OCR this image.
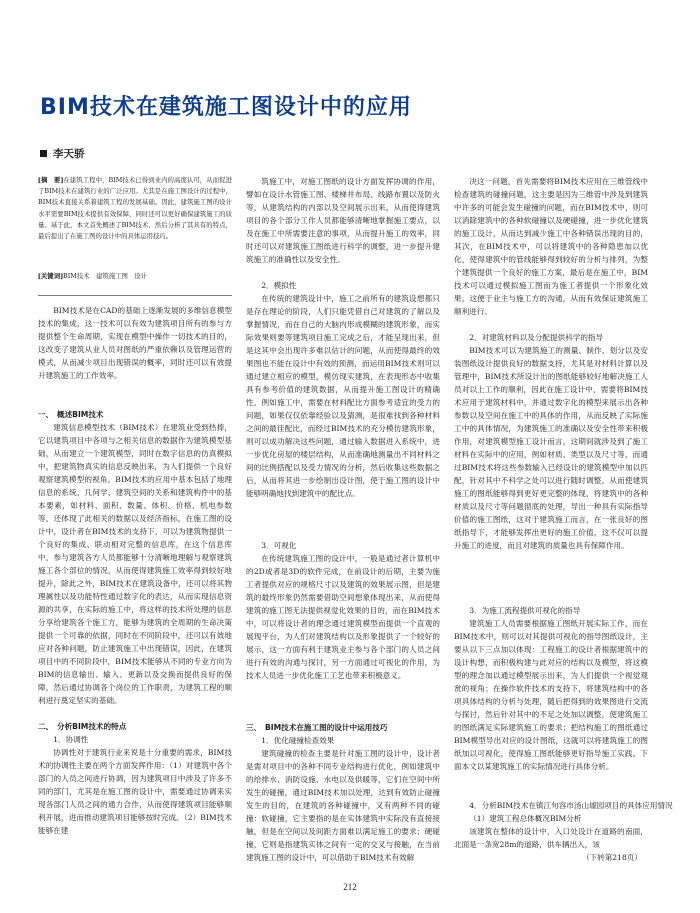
BIM技术在建筑施工图设计中的应用
李天骄
[摘　要]在建筑工程中，BIM技术已得到业内的高度认可，从而促进了BIM技术在建筑行业的广泛应用。尤其是在施工图设计的过程中，BIM技术直接关系着建筑工程的发展基础。因此，建筑施工图的设计水平需要BIM技术提供有效保障，同时还可以更好确保建筑施工的质量。基于此，本文首先概述了BIM技术，然后分析了其具有的特点，最后提出了在施工图的设计中的具体运用技巧。
[关键词]BIM技术　建筑施工图　设计

BIM技术是在CAD的基础上逐渐发展的多维信息模型技术的集成，这一技术可以有效为建筑项目所有的参与方提供整个生命周期，实现在模型中操作一切技术的目的，这改变了建筑从业人员对图纸的严重依赖以及管理运营的模式，从而减少项目出现错误的概率，同时还可以有效提升建筑施工的工作效率。

一、　概述BIM技术

建筑信息模型技术（BIM技术）在建筑业受到热捧，它以建筑项目中各项与之相关信息的数据作为建筑模型基础，从而建立一个建筑模型，同时在数字信息的仿真模拟中，把建筑物真实的信息反映出来，为人们提供一个良好观察建筑模型的视角。BIM技术的应用中基本包括了地理信息的系统、几何学、建筑空间的关系和建筑构件中的基本要素，如材料、面积、数量、体积、价格、机电参数等，还体现了此相关的数据以及经济指标，在施工图的设计中，设计者在BIM技术的支持下，可以为建筑物提供一个良好的集成、联动相对完整的信息库，在这个信息库中，参与建筑各方人员都能够十分清晰地理解与观察建筑施工各个部位的情况，从而使得建筑施工效率得到较好地提升，除此之外，BIM技术在建筑设备中，还可以将其物理属性以及功能特性通过数字化的表达，从而实现信息资源的共享，在实际的施工中，将这样的技术所处理的信息分享给建筑各个施工方，能够为建筑的全周期的生命决策提供一个可靠的依据，同时在不同阶段中，还可以有效地应对各种问题，防止建筑施工中出现错误，因此，在建筑项目中的不同阶段中，BIM技术能够从不同的专业方向为BIM的信息输出、输入、更新以及交换而提供良好的保障，然后通过协调各个岗位的工作职责，为建筑工程的顺利进行奠定坚实的基础。

二、　分析BIM技术的特点

1．协调性

协调性对于建筑行业来说是十分重要的需求，BIM技术的协调性主要在两个方面发挥作用：（1）对建筑中各个部门的人员之间进行协调，因为建筑项目中涉及了许多不同的部门，尤其是在施工图的设计中，需要通过协调来实现各部门人员之间的通力合作，从而使得建筑项目能够顺利开展，进而推动建筑项目能够按时完成。（2）BIM技术能够在建

筑施工中，对施工图纸的设计方面发挥协调的作用，譬如在设计水管施工图、楼梯井布局、线路布置以及防火等，从建筑结构的内部以及空间展示出来，从而使得建筑项目的各个部分工作人员都能够清晰地掌握施工要点，以及在施工中所需要注意的事项，从而提升施工的效率，同时还可以对建筑施工图纸进行科学的调整，进一步提升建筑施工的准确性以及安全性。

2．模拟性

在传统的建筑设计中，施工之前所有的建筑设想都只是存在理论的阶段，人们只能凭借自己对建筑的了解以及掌握情况，而在自己的大脑内形成模糊的建筑形象，而实际效果则要等建筑项目施工完成之后，才能呈现出来，但是这其中会出现许多难以估计的问题，从而使得最终的效果图也不能在设计中有效的预测，而运用BIM技术则可以通过建立相应的模型，模仿现实建筑，在表现形态中收集具有参考价值的建筑数据，从而提升施工图设计的精确性，例如施工中，需要在材料配比方面参考适宜的受力的问题，如果仅仅依靠经验以及猜测，是很难找到各种材料之间的最佳配比，而经过BIM技术的充分模仿建筑形象，则可以成功解决这些问题，通过输入数据进入系统中，进一步优化房屋的楼层结构，从而准确地测量出不同材料之间的比例搭配以及受力情况的分析，然后收集这些数据之后，从而将其进一步绘制出设计图，使于施工图的设计中能够明确地找到建筑中的配比点。

3．可视化

在传统建筑施工图的设计中，一般是通过者计算机中的2D或者是3D的软件完成，在前设计的后期，主要为施工者提供对应的规格尺寸以及建筑的效果展示图，但是建筑的最终形象仍然需要借助空间想象体现出来，从而使得建筑的施工图无法提供视觉化效果的目的，而在BIM技术中，可以将设计者的理念通过建筑模型而提供一个直观的展现平台，为人们对建筑结构以及形象提供了一个较好的展示，这一方面有利于建筑业主参与各个部门的人员之间进行有效的沟通与探讨，另一方面通过可视化的作用，为技术人员进一步优化施工工艺也带来积极意义。

三、　BIM技术在施工图的设计中运用技巧

1．优化碰撞检查效果

建筑碰撞的检查主要是针对施工图的设计中，设计者是需对项目中的各种不同专业结构进行优化，例如建筑中的给排水、消防设施、水电以及供暖等，它们在空间中所发生的碰撞，通过BIM技术加以处理，达到有效防止碰撞发生的目的，在建筑的各种碰撞中，又有两种不同的碰撞：软碰撞，它主要指的是在实体建筑中实际没有直接接触，但是在空间以及间距方面难以满足施工的要求；硬碰撞，它则是指建筑实体之间有一定的交叉与接触，在当前建筑施工图的设计中，可以借助于BIM技术有效解

决这一问题，首先需要将BIM技术应用在三维管线中检查建筑的碰撞问题，这主要是因为三维管中涉及到建筑中许多的可能会发生碰撞的问题，而在BIM技术中，则可以消除建筑中的各种软碰撞以及硬碰撞，进一步优化建筑的施工设计，从而达到减少施工中各种错误出现的目的，其次，在BIM技术中，可以将建筑中的各种隐患加以优化，使得建筑中的管线能够得到较好的分析与排列，为整个建筑提供一个良好的施工方案，最后是在施工中，BIM技术可以通过模拟施工图而为施工者提供一个形象化效果，这便于业主与施工方的沟通，从而有效保证建筑施工顺利进行。

2．对建筑材料以及分配提供科学的指导

BIM技术可以为建筑施工的测量、制作、划分以及安装图纸设计提供良好的数据支持，尤其是对材料计算以及管理中，BIM技术所设计出的图纸能够较好地解决施工人员对以上工作的顺利，因此在施工设计中，需要将BIM技术应用于建筑材料中，并通过数字化的模型来展示出各种参数以及空间在施工中的具体的作用，从而反映了实际施工中的具体情况，为建筑施工的准确以及安全性带来积极作用，对建筑模型施工设计而言，这期间就涉及到了施工材料在实际中的应用，例如材质、类型以及尺寸等，而通过BIM技术将这些参数输入已经设计的建筑模型中加以匹配，针对其中不科学之处可以进行随时调整，从而使建筑施工的图纸能够得到更好更完整的体现，将建筑中的各种材质以及尺寸等问题彻底的处理，导出一种具有实际指导价值的施工图纸，这对于建筑施工而言，在一张良好的图纸指导下，才能够发挥出更好的施工价值，这不仅可以提升施工的进度，而且对建筑的质量也具有保障作用。

3．为施工流程提供可视化的指导

建筑施工人员需要根据施工图纸开展实际工作，而在BIM技术中，则可以对其提供可视化的指导图纸设计，主要从以下三点加以体现：工程施工的设计者根据建筑中的设计构想，而积极构建与此对应的结构以及模型，将这模型的理念加以通过模型展示出来，为人们提供一个视觉观赏的视角；在操作软件技术的支持下，将建筑结构中的各项具体结构的分析与处理，随后把得到的效果图进行交流与探讨，然后针对其中的不足之处加以调整，使建筑施工的图纸满足实际建筑施工的要求；把结构施工的图纸通过BIM模型导出对应的设计图纸，这就可以将建筑施工的图纸加以可视化，使得施工图纸能够更好指导施工实践。下面本文以某建筑施工的实际情况进行具体分析。

4．分析BIM技术在镇江句容市汤山墟园项目的具体应用情况

（1）建筑工程总体概况BIM分析

该建筑在整体的设计中，入口处设计在道路的南面，北面是一条宽28m的道路，供车辆出入，该

（下转第218页）

212
